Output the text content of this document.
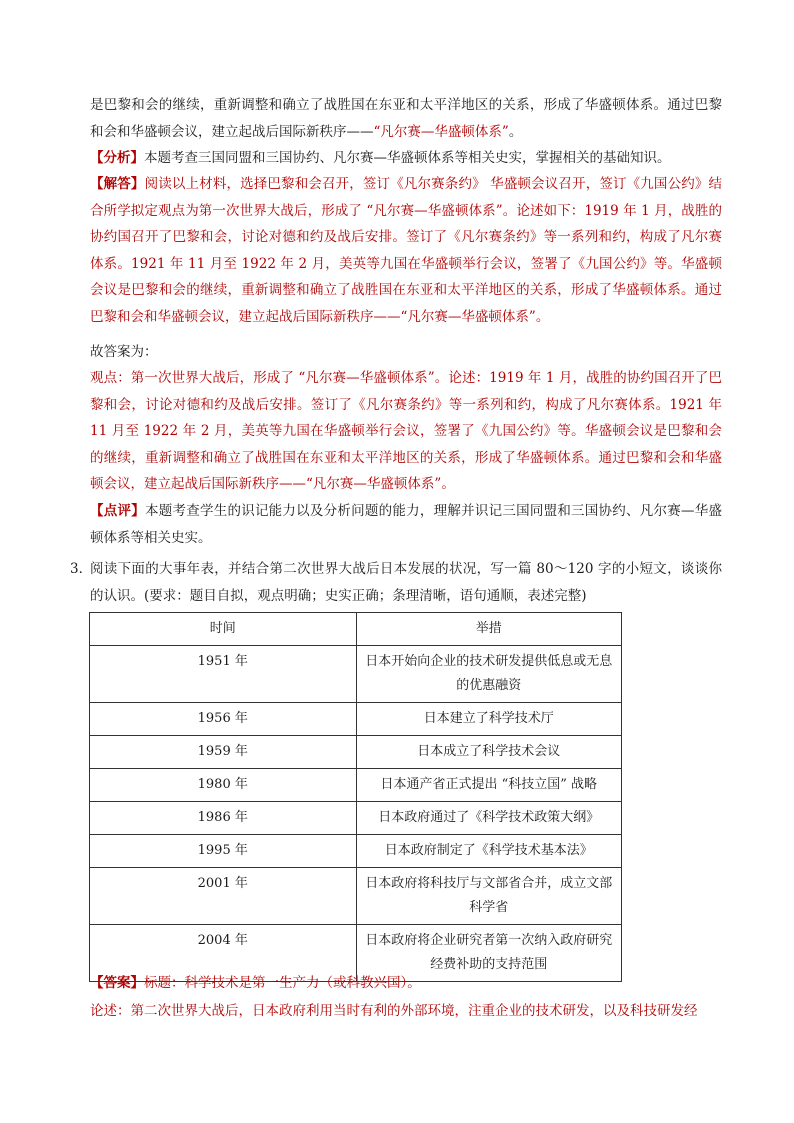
是巴黎和会的继续，重新调整和确立了战胜国在东亚和太平洋地区的关系，形成了华盛顿体系。通过巴黎和会和华盛顿会议，建立起战后国际新秩序——“凡尔赛—华盛顿体系”。

【分析】本题考查三国同盟和三国协约、凡尔赛—华盛顿体系等相关史实，掌握相关的基础知识。

【解答】阅读以上材料，选择巴黎和会召开，签订《凡尔赛条约》 华盛顿会议召开，签订《九国公约》结合所学拟定观点为第一次世界大战后，形成了 “凡尔赛—华盛顿体系”。论述如下：1919 年 1 月，战胜的协约国召开了巴黎和会，讨论对德和约及战后安排。签订了《凡尔赛条约》等一系列和约，构成了凡尔赛体系。1921 年 11 月至 1922 年 2 月，美英等九国在华盛顿举行会议，签署了《九国公约》等。华盛顿会议是巴黎和会的继续，重新调整和确立了战胜国在东亚和太平洋地区的关系，形成了华盛顿体系。通过巴黎和会和华盛顿会议，建立起战后国际新秩序——“凡尔赛—华盛顿体系”。

故答案为：

观点：第一次世界大战后，形成了 “凡尔赛—华盛顿体系”。论述：1919 年 1 月，战胜的协约国召开了巴黎和会，讨论对德和约及战后安排。签订了《凡尔赛条约》等一系列和约，构成了凡尔赛体系。1921 年 11 月至 1922 年 2 月，美英等九国在华盛顿举行会议，签署了《九国公约》等。华盛顿会议是巴黎和会的继续，重新调整和确立了战胜国在东亚和太平洋地区的关系，形成了华盛顿体系。通过巴黎和会和华盛顿会议，建立起战后国际新秩序——“凡尔赛—华盛顿体系”。

【点评】本题考查学生的识记能力以及分析问题的能力，理解并识记三国同盟和三国协约、凡尔赛—华盛顿体系等相关史实。

3．

阅读下面的大事年表，并结合第二次世界大战后日本发展的状况，写一篇 80～120 字的小短文，谈谈你的认识。(要求：题目自拟，观点明确；史实正确；条理清晰，语句通顺，表述完整)

时间	举措
1951 年	日本开始向企业的技术研发提供低息或无息的优惠融资
1956 年	日本建立了科学技术厅
1959 年	日本成立了科学技术会议
1980 年	日本通产省正式提出 “科技立国” 战略
1986 年	日本政府通过了《科学技术政策大纲》
1995 年	日本政府制定了《科学技术基本法》
2001 年	日本政府将科技厅与文部省合并，成立文部科学省
2004 年	日本政府将企业研究者第一次纳入政府研究经费补助的支持范围

【答案】标题：科学技术是第一生产力（或科教兴国）。

论述：第二次世界大战后，日本政府利用当时有利的外部环境，注重企业的技术研发，以及科技研发经
